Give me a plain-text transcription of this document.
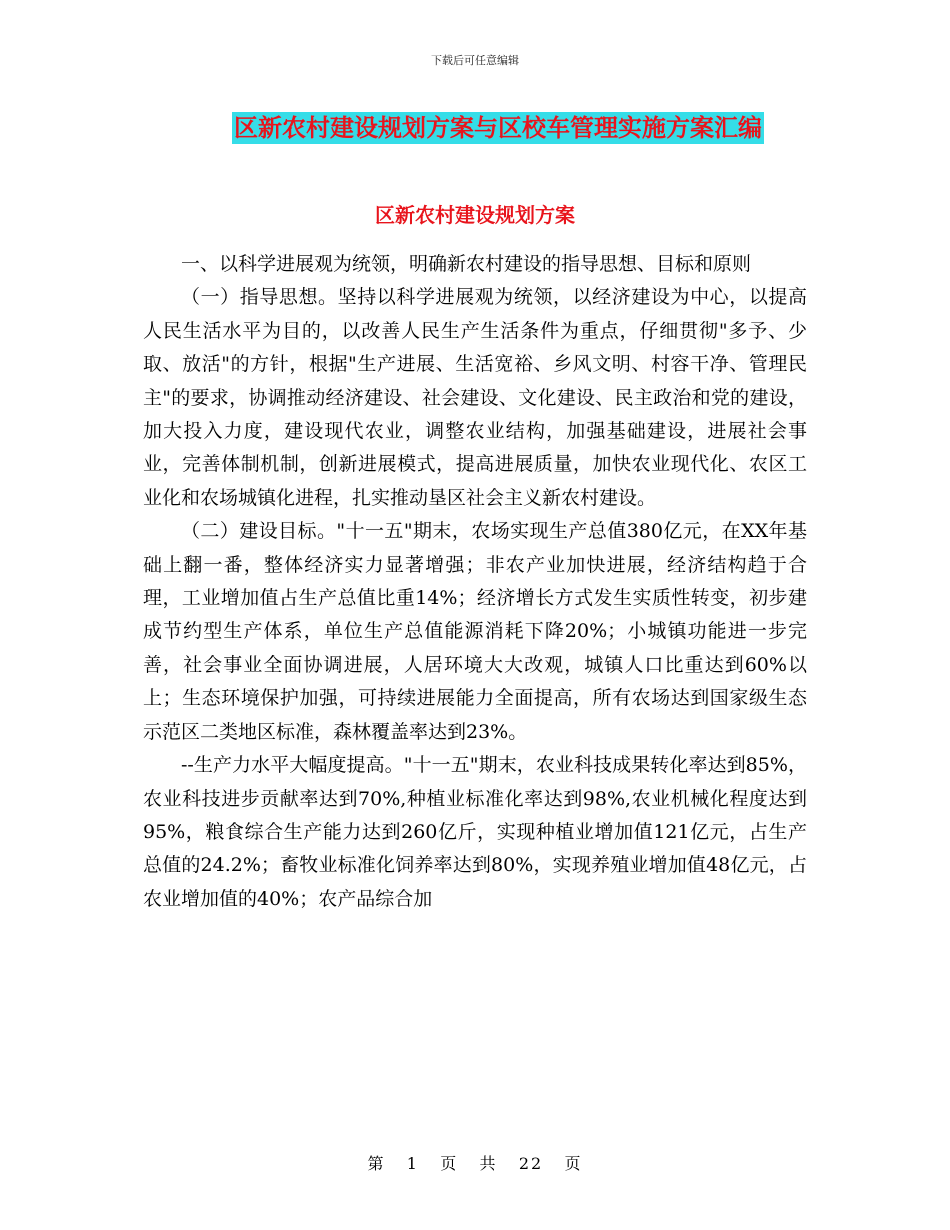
下载后可任意编辑
区新农村建设规划方案与区校车管理实施方案汇编
区新农村建设规划方案

一、以科学进展观为统领，明确新农村建设的指导思想、目标和原则

（一）指导思想。坚持以科学进展观为统领，以经济建设为中心，以提高人民生活水平为目的，以改善人民生产生活条件为重点，仔细贯彻"多予、少取、放活"的方针，根据"生产进展、生活宽裕、乡风文明、村容干净、管理民主"的要求，协调推动经济建设、社会建设、文化建设、民主政治和党的建设，加大投入力度，建设现代农业，调整农业结构，加强基础建设，进展社会事业，完善体制机制，创新进展模式，提高进展质量，加快农业现代化、农区工业化和农场城镇化进程，扎实推动垦区社会主义新农村建设。

（二）建设目标。"十一五"期末，农场实现生产总值380亿元，在XX年基础上翻一番，整体经济实力显著增强；非农产业加快进展，经济结构趋于合理，工业增加值占生产总值比重14%；经济增长方式发生实质性转变，初步建成节约型生产体系，单位生产总值能源消耗下降20%；小城镇功能进一步完善，社会事业全面协调进展，人居环境大大改观，城镇人口比重达到60%以上；生态环境保护加强，可持续进展能力全面提高，所有农场达到国家级生态示范区二类地区标准，森林覆盖率达到23%。

--生产力水平大幅度提高。"十一五"期末，农业科技成果转化率达到85%，农业科技进步贡献率达到70%,种植业标准化率达到98%,农业机械化程度达到95%，粮食综合生产能力达到260亿斤，实现种植业增加值121亿元，占生产总值的24.2%；畜牧业标准化饲养率达到80%，实现养殖业增加值48亿元，占农业增加值的40%；农产品综合加

第 1 页 共 22 页
